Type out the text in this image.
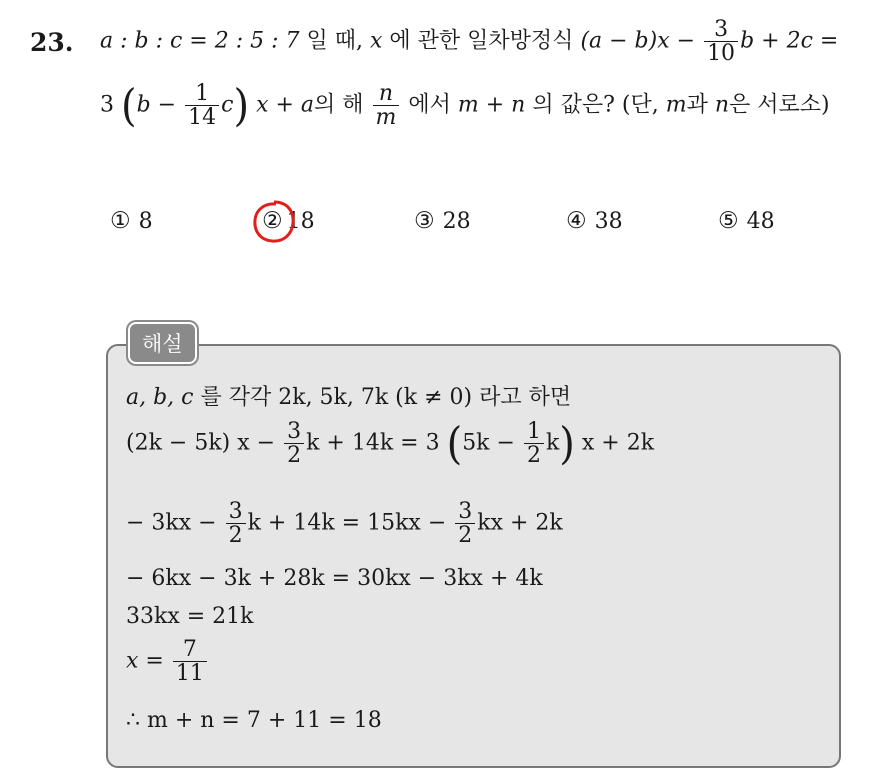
23. a : b : c = 2 : 5 : 7 일 때, x 에 관한 일차방정식 $(a - b)x - \frac{3}{10}$ b + 2c =
3 $(b - \frac{1}{14} c)$ x + a의 해 $\frac{n}{m}$ 에서 m + n 의 값은? (단, m과 n은 서로소)
① 8	② 18	③ 28	④ 38	⑤ 48
해설
a, b, c 를 각각 2k, 5k, 7k (k ≠ 0) 라고 하면
(2k − 5k) $x - \frac{3}{2}$ k + 14k = 3 $(5k - \frac{1}{2} k)$ x + 2k
− $3kx - \frac{3}{2}$ $k + 14k = 15kx - \frac{3}{2}$ kx + 2k
− 6kx − 3k + 28k = 30kx − 3kx + 4k
33kx = 21k
$x = \frac{7}{11}$
∴ m + n = 7 + 11 = 18
